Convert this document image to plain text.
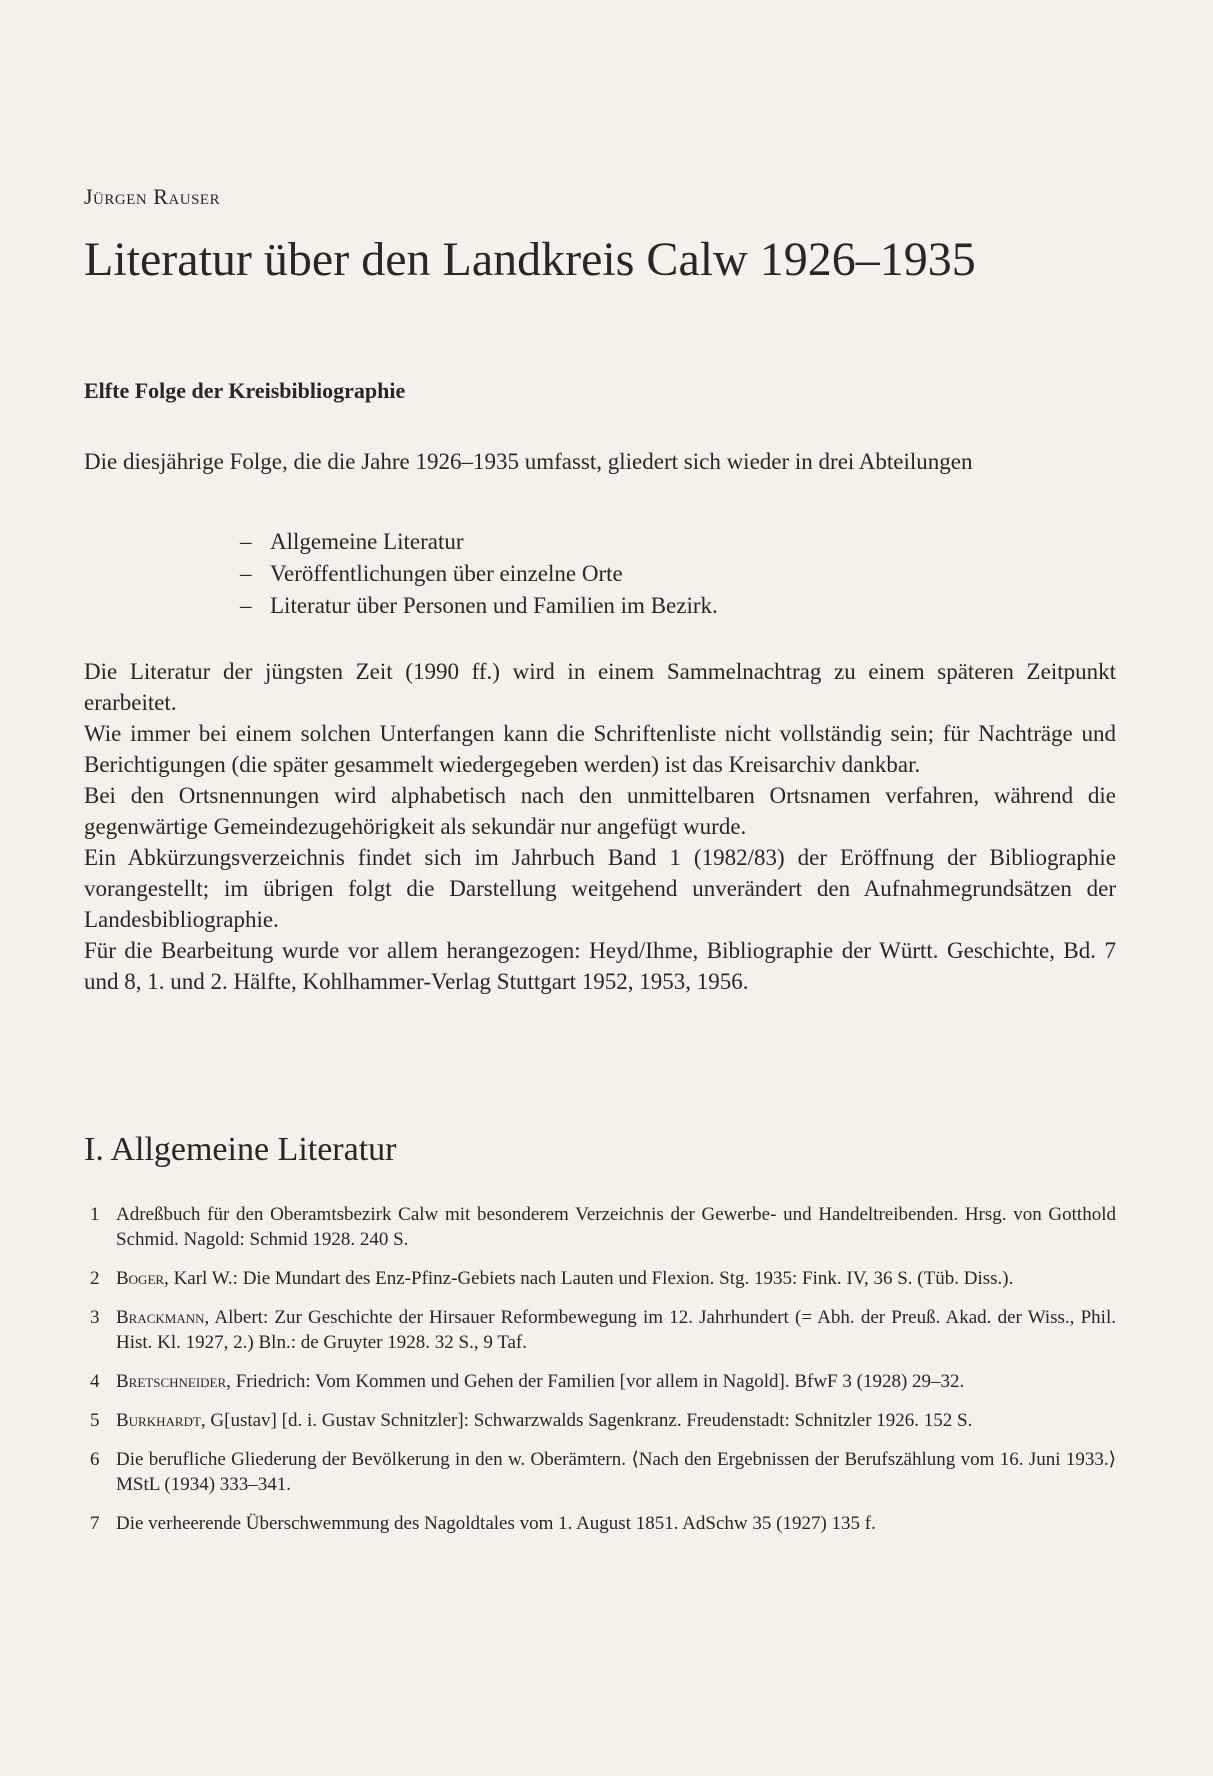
Jürgen Rauser
Literatur über den Landkreis Calw 1926–1935
Elfte Folge der Kreisbibliographie
Die diesjährige Folge, die die Jahre 1926–1935 umfasst, gliedert sich wieder in drei Abteilungen
– Allgemeine Literatur
– Veröffentlichungen über einzelne Orte
– Literatur über Personen und Familien im Bezirk.

Die Literatur der jüngsten Zeit (1990 ff.) wird in einem Sammelnachtrag zu einem späteren Zeitpunkt erarbeitet.

Wie immer bei einem solchen Unterfangen kann die Schriftenliste nicht vollständig sein; für Nachträge und Berichtigungen (die später gesammelt wiedergegeben werden) ist das Kreisarchiv dankbar.

Bei den Ortsnennungen wird alphabetisch nach den unmittelbaren Ortsnamen verfahren, während die gegenwärtige Gemeindezugehörigkeit als sekundär nur angefügt wurde.

Ein Abkürzungsverzeichnis findet sich im Jahrbuch Band 1 (1982/83) der Eröffnung der Bibliographie vorangestellt; im übrigen folgt die Darstellung weitgehend unverändert den Aufnahmegrundsätzen der Landesbibliographie.

Für die Bearbeitung wurde vor allem herangezogen: Heyd/Ihme, Bibliographie der Württ. Geschichte, Bd. 7 und 8, 1. und 2. Hälfte, Kohlhammer-Verlag Stuttgart 1952, 1953, 1956.

I. Allgemeine Literatur
1 Adreßbuch für den Oberamtsbezirk Calw mit besonderem Verzeichnis der Gewerbe- und Handeltreibenden. Hrsg. von Gotthold Schmid. Nagold: Schmid 1928. 240 S.
2 Boger, Karl W.: Die Mundart des Enz-Pfinz-Gebiets nach Lauten und Flexion. Stg. 1935: Fink. IV, 36 S. (Tüb. Diss.).
3 Brackmann, Albert: Zur Geschichte der Hirsauer Reformbewegung im 12. Jahrhundert (= Abh. der Preuß. Akad. der Wiss., Phil. Hist. Kl. 1927, 2.) Bln.: de Gruyter 1928. 32 S., 9 Taf.
4 Bretschneider, Friedrich: Vom Kommen und Gehen der Familien [vor allem in Nagold]. BfwF 3 (1928) 29–32.
5 Burkhardt, G[ustav] [d. i. Gustav Schnitzler]: Schwarzwalds Sagenkranz. Freudenstadt: Schnitzler 1926. 152 S.
6 Die berufliche Gliederung der Bevölkerung in den w. Oberämtern. ⟨Nach den Ergebnissen der Berufszählung vom 16. Juni 1933.⟩ MStL (1934) 333–341.
7 Die verheerende Überschwemmung des Nagoldtales vom 1. August 1851. AdSchw 35 (1927) 135 f.
